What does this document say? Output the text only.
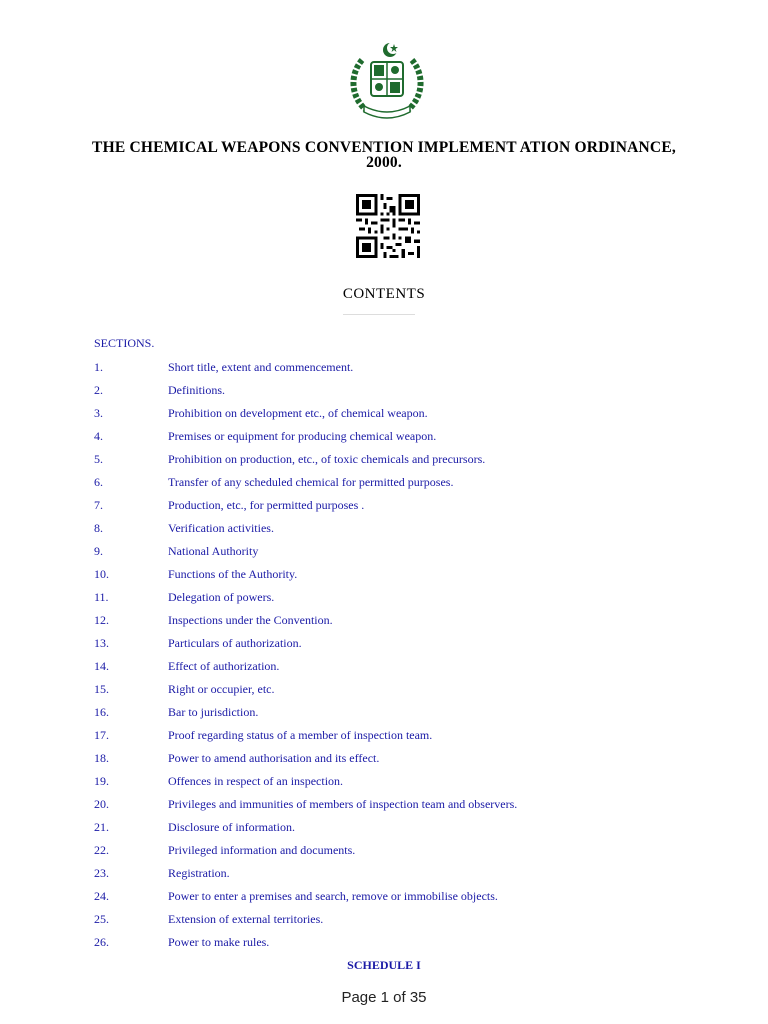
THE CHEMICAL WEAPONS CONVENTION IMPLEMENT ATION ORDINANCE,
2000.
CONTENTS
SECTIONS.
1.	Short title, extent and commencement.
2.	Definitions.
3.	Prohibition on development etc., of chemical weapon.
4.	Premises or equipment for producing chemical weapon.
5.	Prohibition on production, etc., of toxic chemicals and precursors.
6.	Transfer of any scheduled chemical for permitted purposes.
7.	Production, etc., for permitted purposes .
8.	Verification activities.
9.	National Authority
10.	Functions of the Authority.
11.	Delegation of powers.
12.	Inspections under the Convention.
13.	Particulars of authorization.
14.	Effect of authorization.
15.	Right or occupier, etc.
16.	Bar to jurisdiction.
17.	Proof regarding status of a member of inspection team.
18.	Power to amend authorisation and its effect.
19.	Offences in respect of an inspection.
20.	Privileges and immunities of members of inspection team and observers.
21.	Disclosure of information.
22.	Privileged information and documents.
23.	Registration.
24.	Power to enter a premises and search, remove or immobilise objects.
25.	Extension of external territories.
26.	Power to make rules.
SCHEDULE I
Page 1 of 35
